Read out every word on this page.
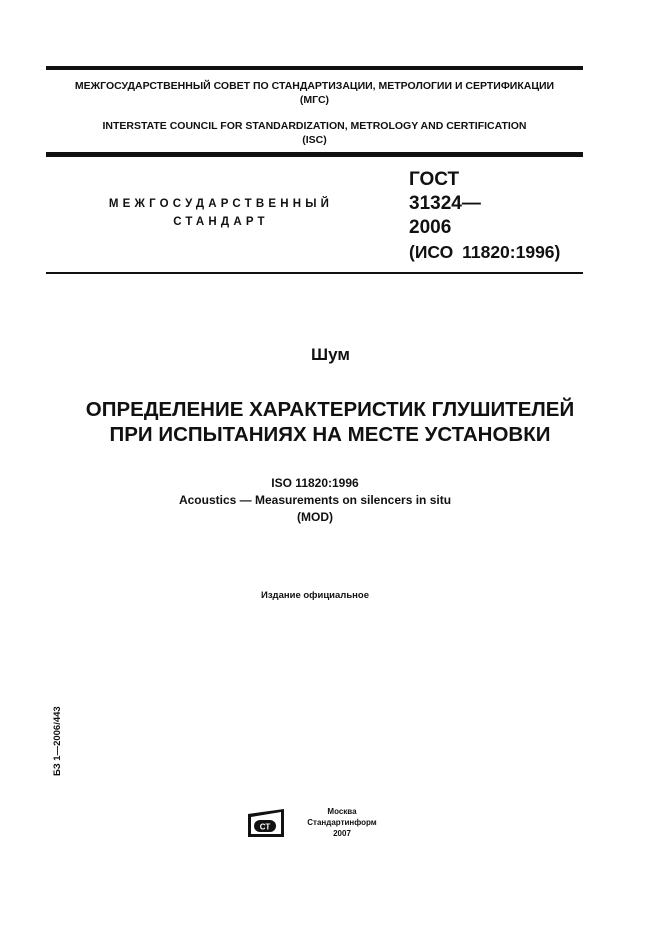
МЕЖГОСУДАРСТВЕННЫЙ СОВЕТ ПО СТАНДАРТИЗАЦИИ, МЕТРОЛОГИИ И СЕРТИФИКАЦИИ
(МГС)
INTERSTATE COUNCIL FOR STANDARDIZATION, METROLOGY AND CERTIFICATION
(ISC)
МЕЖГОСУДАРСТВЕННЫЙ
СТАНДАРТ
ГОСТ
31324—
2006
(ИСО 11820:1996)
Шум
ОПРЕДЕЛЕНИЕ ХАРАКТЕРИСТИК ГЛУШИТЕЛЕЙ
ПРИ ИСПЫТАНИЯХ НА МЕСТЕ УСТАНОВКИ
ISO 11820:1996
Acoustics — Measurements on silencers in situ
(MOD)
Издание официальное
БЗ 1—2006/443
СТ
Москва
Стандартинформ
2007
